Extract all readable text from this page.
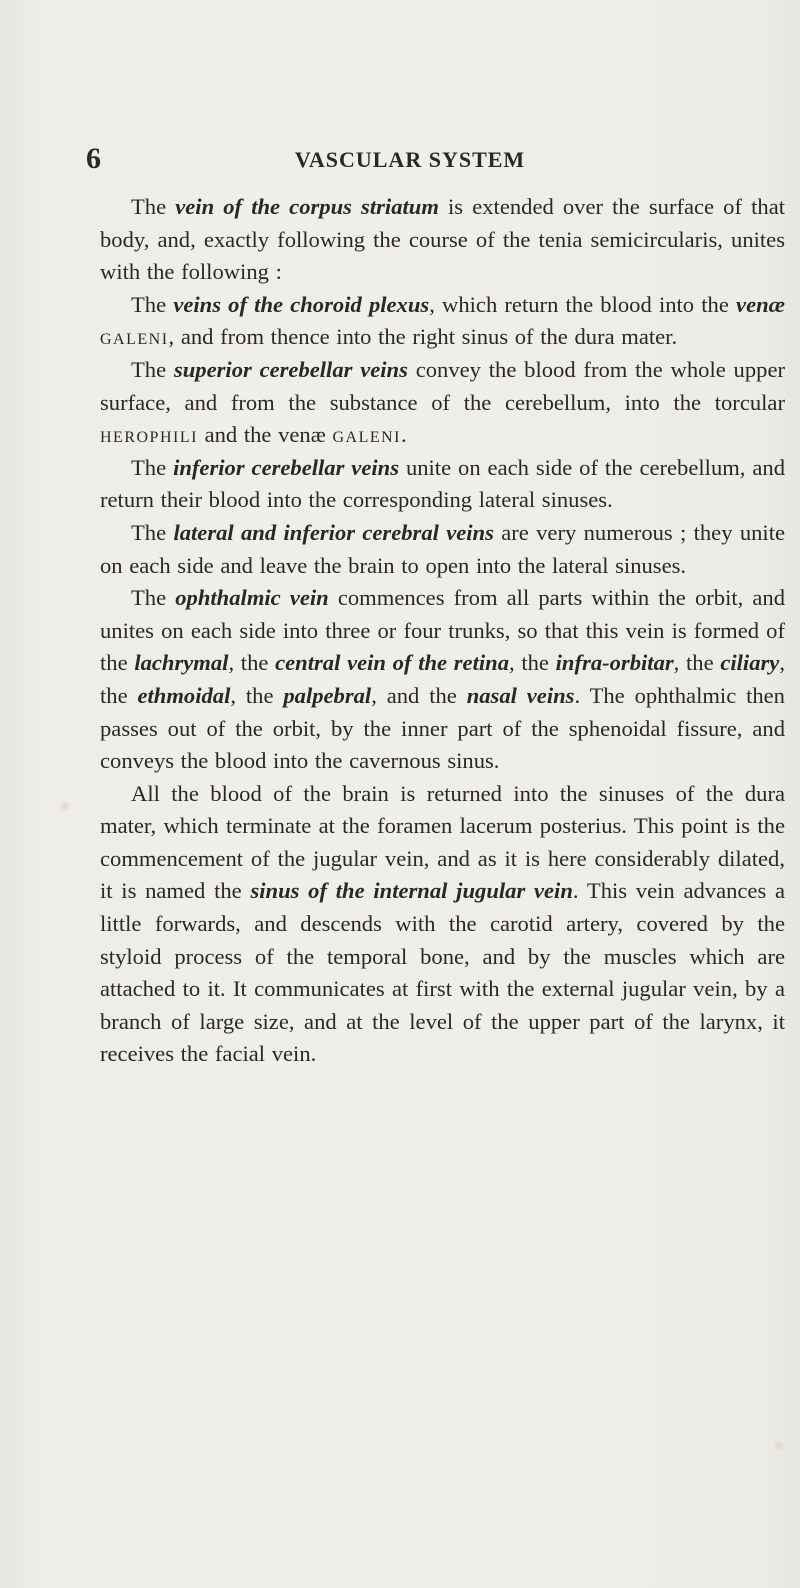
6	VASCULAR SYSTEM

The vein of the corpus striatum is extended over the surface of that body, and, exactly following the course of the tenia semicircularis, unites with the following :

The veins of the choroid plexus, which return the blood into the venæ galeni, and from thence into the right sinus of the dura mater.

The superior cerebellar veins convey the blood from the whole upper surface, and from the substance of the cerebellum, into the torcular herophili and the venæ galeni.

The inferior cerebellar veins unite on each side of the cerebellum, and return their blood into the corresponding lateral sinuses.

The lateral and inferior cerebral veins are very numerous ; they unite on each side and leave the brain to open into the lateral sinuses.

The ophthalmic vein commences from all parts within the orbit, and unites on each side into three or four trunks, so that this vein is formed of the lachrymal, the central vein of the retina, the infra-orbitar, the ciliary, the ethmoidal, the palpebral, and the nasal veins. The ophthalmic then passes out of the orbit, by the inner part of the sphenoidal fissure, and conveys the blood into the cavernous sinus.

All the blood of the brain is returned into the sinuses of the dura mater, which terminate at the foramen lacerum posterius. This point is the commencement of the jugular vein, and as it is here considerably dilated, it is named the sinus of the internal jugular vein. This vein advances a little forwards, and descends with the carotid artery, covered by the styloid process of the temporal bone, and by the muscles which are attached to it. It communicates at first with the external jugular vein, by a branch of large size, and at the level of the upper part of the larynx, it receives the facial vein.
